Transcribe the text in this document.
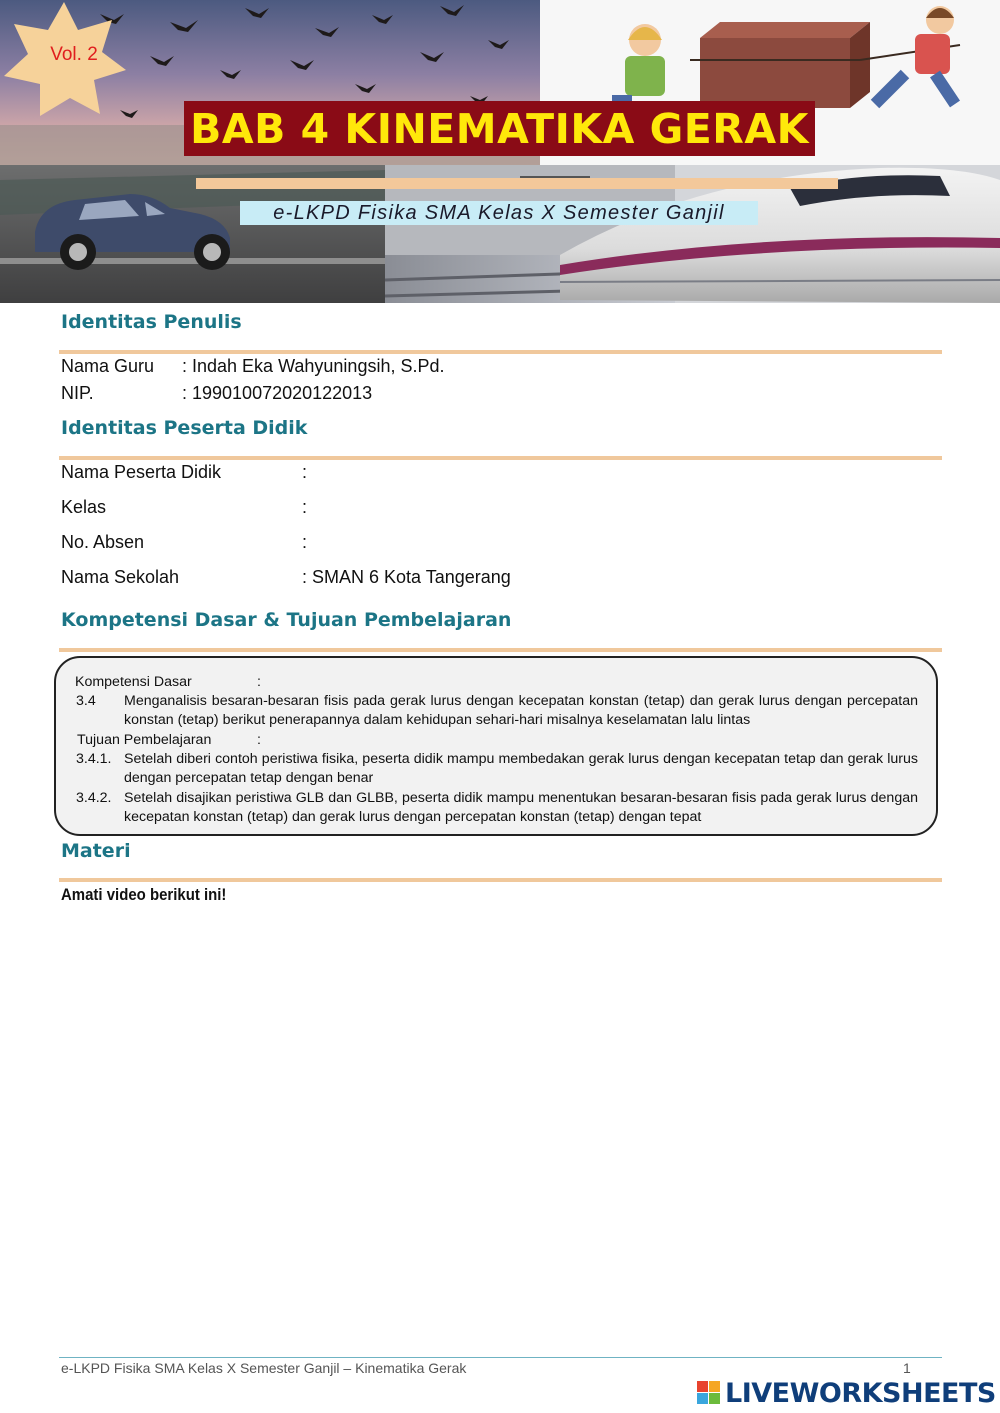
Vol. 2
BAB 4 KINEMATIKA GERAK
e-LKPD Fisika SMA Kelas X Semester Ganjil
Identitas Penulis
Nama Guru : Indah Eka Wahyuningsih, S.Pd.
NIP.	: 199010072020122013
Identitas Peserta Didik
Nama Peserta Didik	:
Kelas	:
No. Absen	:
Nama Sekolah	: SMAN 6 Kota Tangerang
Kompetensi Dasar & Tujuan Pembelajaran
Kompetensi Dasar	:
3.4 Menganalisis besaran-besaran fisis pada gerak lurus dengan kecepatan konstan (tetap) dan gerak lurus dengan percepatan konstan (tetap) berikut penerapannya dalam kehidupan sehari-hari misalnya keselamatan lalu lintas
Tujuan Pembelajaran	:
3.4.1. Setelah diberi contoh peristiwa fisika, peserta didik mampu membedakan gerak lurus dengan kecepatan tetap dan gerak lurus dengan percepatan tetap dengan benar
3.4.2. Setelah disajikan peristiwa GLB dan GLBB, peserta didik mampu menentukan besaran-besaran fisis pada gerak lurus dengan kecepatan konstan (tetap) dan gerak lurus dengan percepatan konstan (tetap) dengan tepat
Materi
Amati video berikut ini!
e-LKPD Fisika SMA Kelas X Semester Ganjil – Kinematika Gerak	1
LIVEWORKSHEETS
